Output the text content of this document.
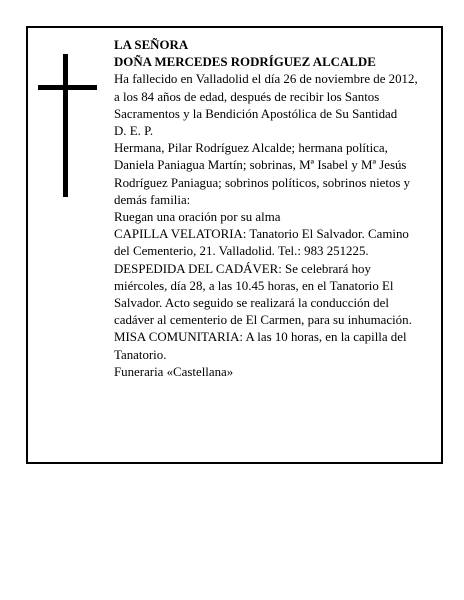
LA SEÑORA

DOÑA MERCEDES RODRÍGUEZ ALCALDE

Ha fallecido en Valladolid el día 26 de noviembre de 2012, a los 84 años de edad, después de recibir los Santos Sacramentos y la Bendición Apostólica de Su Santidad

D. E. P.

Hermana, Pilar Rodríguez Alcalde; hermana política, Daniela Paniagua Martín; sobrinas, Mª Isabel y Mª Jesús Rodríguez Paniagua; sobrinos políticos, sobrinos nietos y demás familia:

Ruegan una oración por su alma

CAPILLA VELATORIA: Tanatorio El Salvador. Camino del Cementerio, 21. Valladolid. Tel.: 983 251225.

DESPEDIDA DEL CADÁVER: Se celebrará hoy miércoles, día 28, a las 10.45 horas, en el Tanatorio El Salvador. Acto seguido se realizará la conducción del cadáver al cementerio de El Carmen, para su inhumación. MISA COMUNITARIA: A las 10 horas, en la capilla del Tanatorio.

Funeraria «Castellana»
